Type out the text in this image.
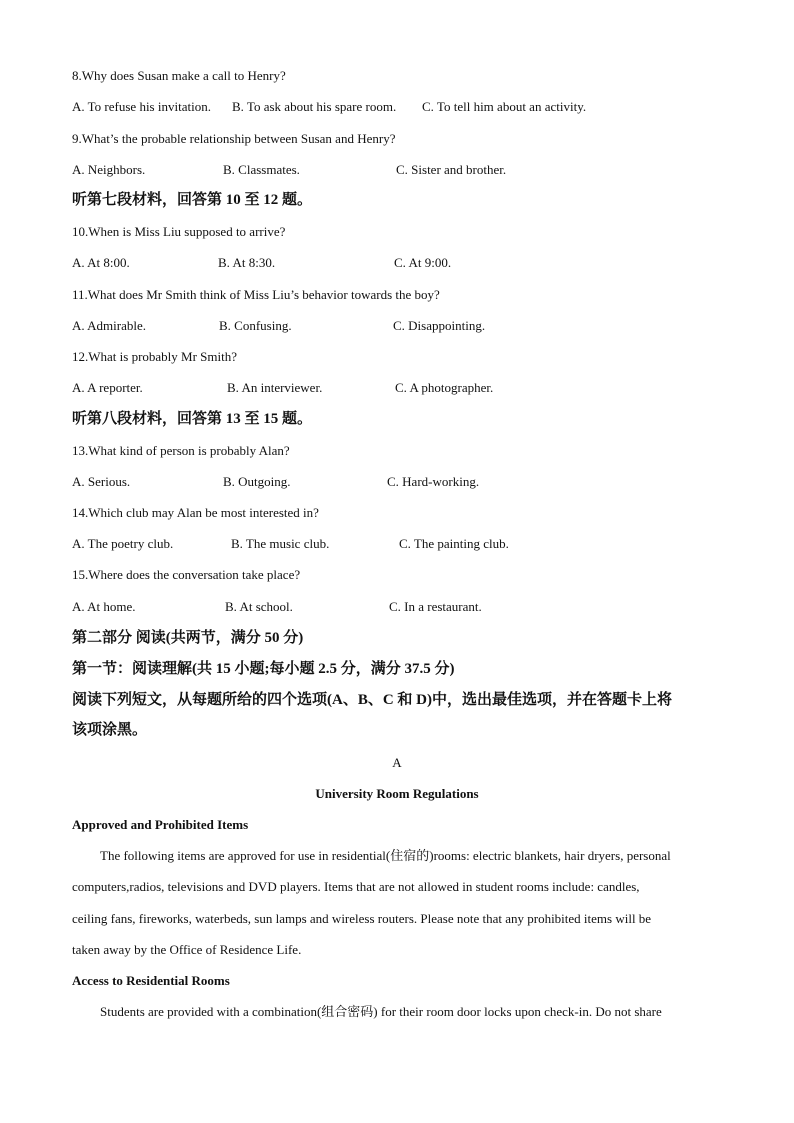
8.Why does Susan make a call to Henry?
A. To refuse his invitation. B. To ask about his spare room. C. To tell him about an activity.
9.What’s the probable relationship between Susan and Henry?
A. Neighbors.	B. Classmates.	C. Sister and brother.
听第七段材料，回答第 10 至 12 题。
10.When is Miss Liu supposed to arrive?
A. At 8:00.	B. At 8:30.	C. At 9:00.
11.What does Mr Smith think of Miss Liu’s behavior towards the boy?
A. Admirable.	B. Confusing.	C. Disappointing.
12.What is probably Mr Smith?
A. A reporter.	B. An interviewer.	C. A photographer.
听第八段材料，回答第 13 至 15 题。
13.What kind of person is probably Alan?
A. Serious.	B. Outgoing.	C. Hard-working.
14.Which club may Alan be most interested in?
A. The poetry club.	B. The music club.	C. The painting club.
15.Where does the conversation take place?
A. At home.	B. At school.	C. In a restaurant.
第二部分 阅读(共两节，满分 50 分)
第一节：阅读理解(共 15 小题;每小题 2.5 分，满分 37.5 分)
阅读下列短文，从每题所给的四个选项(A、B、C 和 D)中，选出最佳选项，并在答题卡上将
该项涂黑。
A
University Room Regulations
Approved and Prohibited Items
The following items are approved for use in residential(住宿的)rooms: electric blankets, hair dryers, personal
computers,radios, televisions and DVD players. Items that are not allowed in student rooms include: candles,
ceiling fans, fireworks, waterbeds, sun lamps and wireless routers. Please note that any prohibited items will be
taken away by the Office of Residence Life.
Access to Residential Rooms
Students are provided with a combination(组合密码) for their room door locks upon check-in. Do not share
